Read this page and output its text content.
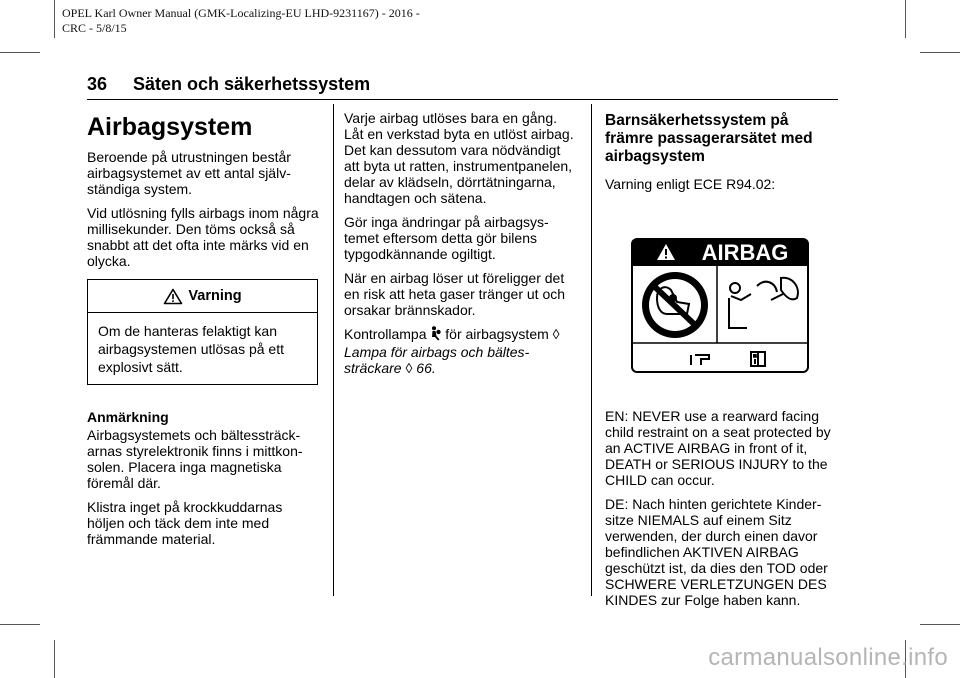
OPEL Karl Owner Manual (GMK-Localizing-EU LHD-9231167) - 2016 -
CRC - 5/8/15
36 Säten och säkerhetssystem
Airbagsystem

Beroende på utrustningen består airbagsystemet av ett antal självständiga system.

Vid utlösning fylls airbags inom några millisekunder. Den töms också så snabbt att det ofta inte märks vid en olycka.

Varning
Om de hanteras felaktigt kan airbagsystemen utlösas på ett explosivt sätt.

Anmärkning

Airbagsystemets och bältessträckarnas styrelektronik finns i mittkonsolen. Placera inga magnetiska föremål där.

Klistra inget på krockkuddarnas höljen och täck dem inte med främmande material.

Varje airbag utlöses bara en gång. Låt en verkstad byta en utlöst airbag. Det kan dessutom vara nödvändigt att byta ut ratten, instrumentpanelen, delar av klädseln, dörrtätningarna, handtagen och sätena.

Gör inga ändringar på airbagsystemet eftersom detta gör bilens typgodkännande ogiltigt.

När en airbag löser ut föreligger det en risk att heta gaser tränger ut och orsakar brännskador.

Kontrollampa för airbagsystem ◊

Lampa för airbags och bältessträckare ◊ 66.

Barnsäkerhetssystem på främre passagerarsätet med airbagsystem

Varning enligt ECE R94.02:

AIRBAG

EN: NEVER use a rearward facing child restraint on a seat protected by an ACTIVE AIRBAG in front of it, DEATH or SERIOUS INJURY to the CHILD can occur.

DE: Nach hinten gerichtete Kindersitze NIEMALS auf einem Sitz verwenden, der durch einen davor befindlichen AKTIVEN AIRBAG geschützt ist, da dies den TOD oder SCHWERE VERLETZUNGEN DES KINDES zur Folge haben kann.

carmanualsonline.info
